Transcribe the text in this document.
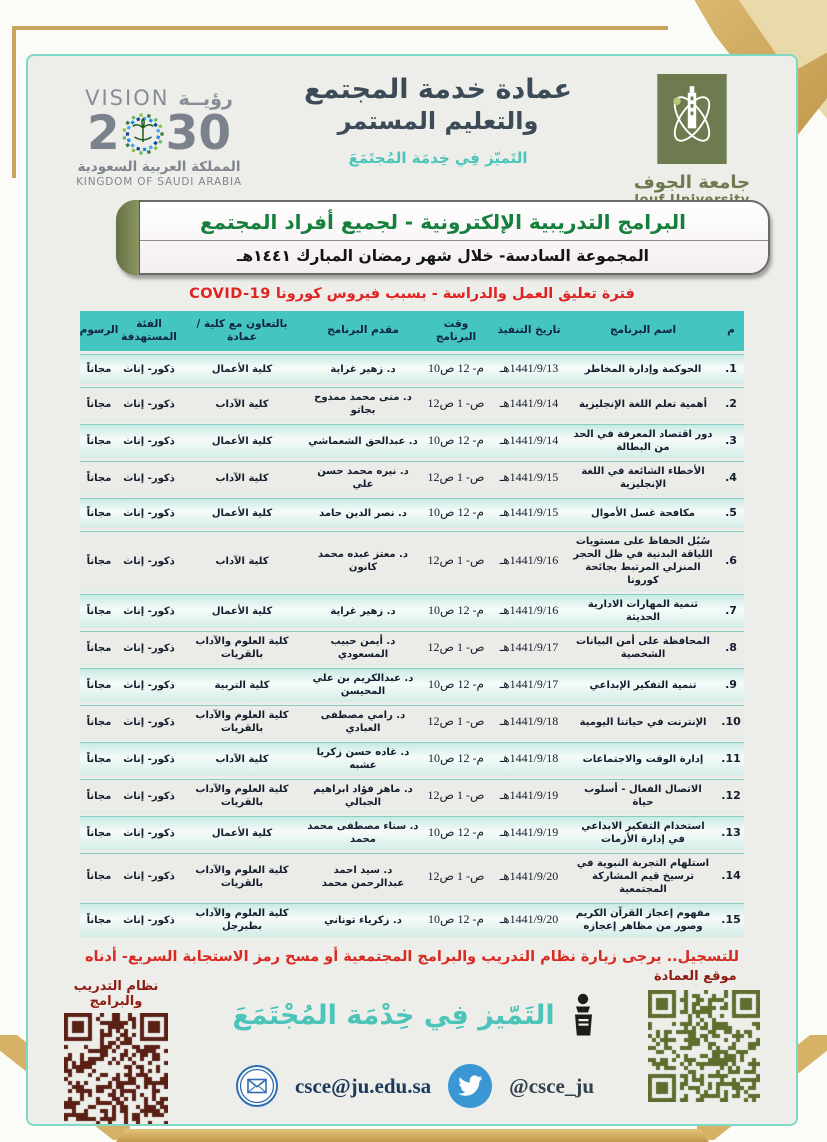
VISION رؤيــة
2 30
المملكة العربية السعودية
KINGDOM OF SAUDI ARABIA
عمادة خدمة المجتمع
والتعليم المستمر
التَميّز فِي خِدمَة المُجتَمَعَ
جامعة الجوف
البرامج التدريبية الإلكترونية - لجميع أفراد المجتمع
المجموعة السادسة- خلال شهر رمضان المبارك ١٤٤١هـ
فترة تعليق العمل والدراسة - بسبب فيروس كورونا COVID-19
م
اسم البرنامج
تاريخ التنفيذ
وقت البرنامج
مقدم البرنامج
بالتعاون مع كلية / عمادة
الفئة المستهدفة
الرسوم
1.
الحوكمة وإدارة المخاطر
1441/9/13هـ
10م- 12 ص
د. زهير غراية
كلية الأعمال
ذكور- إناث
مجاناً
2.
أهمية تعلم اللغة الإنجليزية
1441/9/14هـ
12ص- 1 ص
د. منى محمد ممدوح بجاتو
كلية الآداب
ذكور- إناث
مجاناً
3.
دور اقتصاد المعرفة في الحد من البطالة
1441/9/14هـ
10م- 12 ص
د. عبدالحق الشعماشي
كلية الأعمال
ذكور- إناث
مجاناً
4.
الأخطاء الشائعة في اللغة الإنجليزية
1441/9/15هـ
12ص- 1 ص
د. نيره محمد حسن علي
كلية الآداب
ذكور- إناث
مجاناً
5.
مكافحة غسل الأموال
1441/9/15هـ
10م- 12 ص
د. نصر الدين حامد
كلية الأعمال
ذكور- إناث
مجاناً
6.
سُبُل الحفاظ على مستويات اللياقة البدنية في ظل الحجر المنزلي المرتبط بجائحة كورونا
1441/9/16هـ
12ص- 1 ص
د. معتز عبده محمد كانون
كلية الآداب
ذكور- إناث
مجاناً
7.
تنمية المهارات الادارية الحديثة
1441/9/16هـ
10م- 12 ص
د. زهير غراية
كلية الأعمال
ذكور- إناث
مجاناً
8.
المحافظة على أمن البيانات الشخصية
1441/9/17هـ
12ص- 1 ص
د. أيمن حبيب المسعودي
كلية العلوم والآداب بالقريات
ذكور- إناث
مجاناً
9.
تنمية التفكير الإبداعي
1441/9/17هـ
10م- 12 ص
د. عبدالكريم بن علي المحيسن
كلية التربية
ذكور- إناث
مجاناً
10.
الإنترنت في حياتنا اليومية
1441/9/18هـ
12ص- 1 ص
د. رامي مصطفى العبادي
كلية العلوم والآداب بالقريات
ذكور- إناث
مجاناً
11.
إدارة الوقت والاجتماعات
1441/9/18هـ
10م- 12 ص
د. غاده حسن زكريا عشبه
كلية الآداب
ذكور- إناث
مجاناً
12.
الاتصال الفعال - أسلوب حياة
1441/9/19هـ
12ص- 1 ص
د. ماهر فؤاد ابراهيم الجبالي
كلية العلوم والآداب بالقريات
ذكور- إناث
مجاناً
13.
استخدام التفكير الابداعي في إدارة الأزمات
1441/9/19هـ
10م- 12 ص
د. سناء مصطفى محمد محمد
كلية الأعمال
ذكور- إناث
مجاناً
14.
استلهام التجربة النبوية في ترسيخ قيم المشاركة المجتمعية
1441/9/20هـ
12ص- 1 ص
د. سيد احمد عبدالرحمن محمد
كلية العلوم والآداب بالقريات
ذكور- إناث
مجاناً
15.
مفهوم إعجاز القرآن الكريم وصور من مظاهر إعجازه
1441/9/20هـ
10م- 12 ص
د. زكرياء توناني
كلية العلوم والآداب بطبرجل
ذكور- إناث
مجاناً
للتسجيل.. يرجى زيارة نظام التدريب والبرامج المجتمعية أو مسح رمز الاستجابة السريع- أدناه
نظام التدريب والبرامج	التَمّيز فِي خِدْمَة المُجْتَمَعَ
csce@ju.edu.sa	@csce_ju
موقع العمادة
